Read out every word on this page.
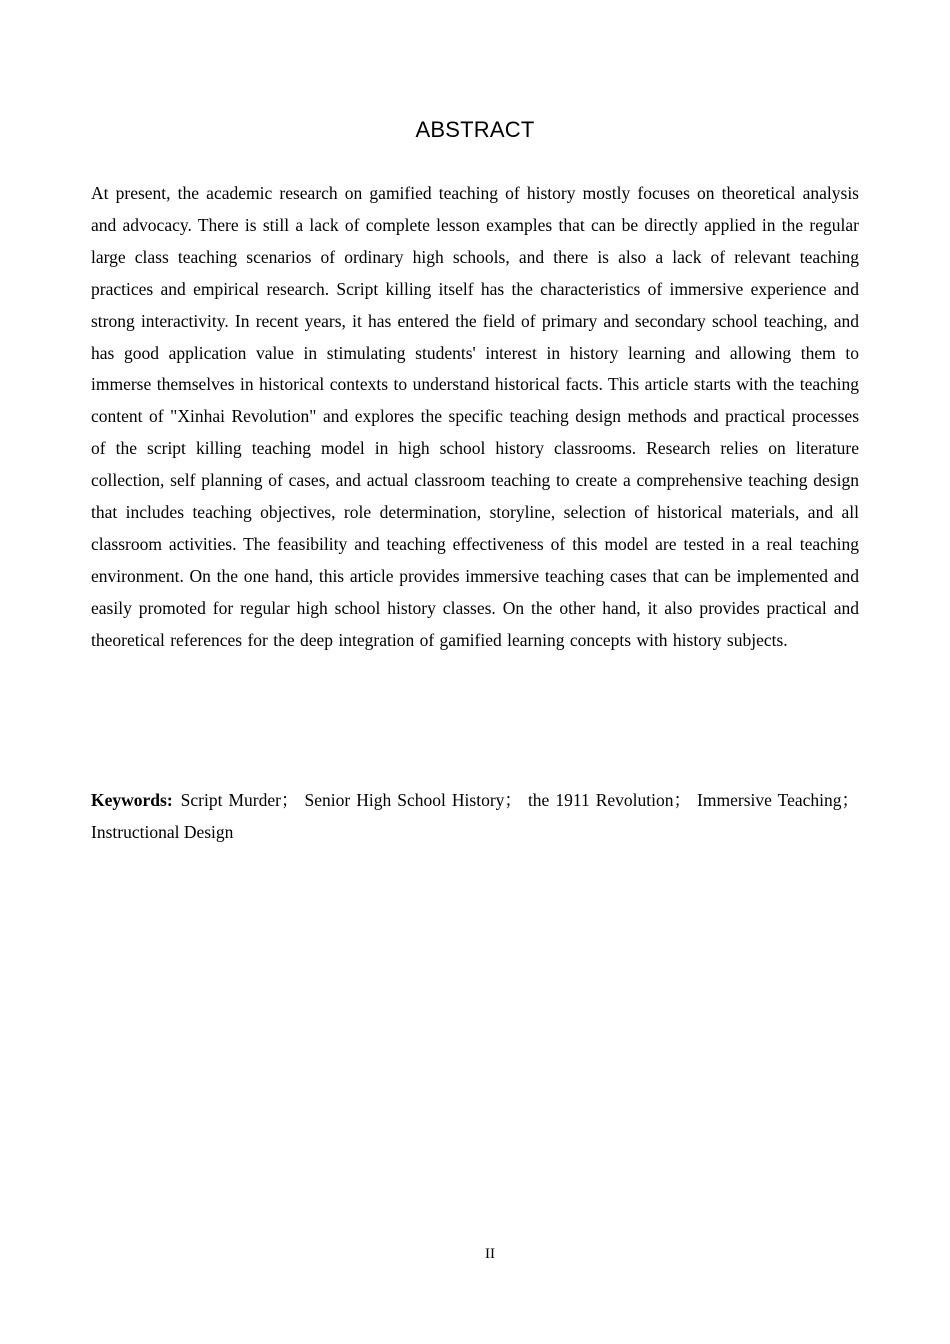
ABSTRACT

At present, the academic research on gamified teaching of history mostly focuses on theoretical analysis and advocacy. There is still a lack of complete lesson examples that can be directly applied in the regular large class teaching scenarios of ordinary high schools, and there is also a lack of relevant teaching practices and empirical research. Script killing itself has the characteristics of immersive experience and strong interactivity. In recent years, it has entered the field of primary and secondary school teaching, and has good application value in stimulating students' interest in history learning and allowing them to immerse themselves in historical contexts to understand historical facts. This article starts with the teaching content of "Xinhai Revolution" and explores the specific teaching design methods and practical processes of the script killing teaching model in high school history classrooms. Research relies on literature collection, self planning of cases, and actual classroom teaching to create a comprehensive teaching design that includes teaching objectives, role determination, storyline, selection of historical materials, and all classroom activities. The feasibility and teaching effectiveness of this model are tested in a real teaching environment. On the one hand, this article provides immersive teaching cases that can be implemented and easily promoted for regular high school history classes. On the other hand, it also provides practical and theoretical references for the deep integration of gamified learning concepts with history subjects.

Keywords: Script Murder； Senior High School History； the 1911 Revolution； Immersive Teaching；Instructional Design

II
